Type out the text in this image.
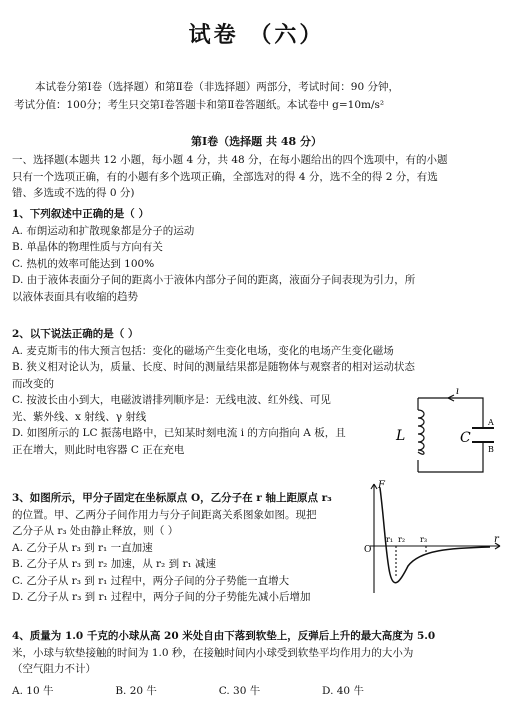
试卷 （六）
本试卷分第Ⅰ卷（选择题）和第Ⅱ卷（非选择题）两部分，考试时间：90 分钟，
考试分值：100分；考生只交第Ⅰ卷答题卡和第Ⅱ卷答题纸。本试卷中 g=10m/s²
第Ⅰ卷（选择题 共 48 分）
一、选择题(本题共 12 小题，每小题 4 分，共 48 分，在每小题给出的四个选项中，有的小题
只有一个选项正确，有的小题有多个选项正确，全部选对的得 4 分，选不全的得 2 分，有选
错、多选或不选的得 0 分)
1、下列叙述中正确的是（ ）
A. 布朗运动和扩散现象都是分子的运动
B. 单晶体的物理性质与方向有关
C. 热机的效率可能达到 100%
D. 由于液体表面分子间的距离小于液体内部分子间的距离，液面分子间表现为引力，所
以液体表面具有收缩的趋势
2、以下说法正确的是（ ）
A. 麦克斯韦的伟大预言包括：变化的磁场产生变化电场，变化的电场产生变化磁场
B. 狭义相对论认为，质量、长度、时间的测量结果都是随物体与观察者的相对运动状态
而改变的
C. 按波长由小到大，电磁波谱排列顺序是：无线电波、红外线、可见
光、紫外线、x 射线、γ 射线
D. 如图所示的 LC 振荡电路中，已知某时刻电流 i 的方向指向 A 板，且
正在增大，则此时电容器 C 正在充电
L	C
i
A
B
3、如图所示，甲分子固定在坐标原点 O，乙分子在 r 轴上距原点 r₃
的位置。甲、乙两分子间作用力与分子间距离关系图象如图。现把
乙分子从 r₃ 处由静止释放，则（ ）
A. 乙分子从 r₃ 到 r₁ 一直加速
B. 乙分子从 r₃ 到 r₂ 加速，从 r₂ 到 r₁ 减速
C. 乙分子从 r₃ 到 r₁ 过程中，两分子间的分子势能一直增大
D. 乙分子从 r₃ 到 r₁ 过程中，两分子间的分子势能先减小后增加
F
O
r
r₁ r₂ r₃
4、质量为 1.0 千克的小球从高 20 米处自由下落到软垫上，反弹后上升的最大高度为 5.0
米，小球与软垫接触的时间为 1.0 秒，在接触时间内小球受到软垫平均作用力的大小为
（空气阻力不计）
A. 10 牛	B. 20 牛	C. 30 牛	D. 40 牛
